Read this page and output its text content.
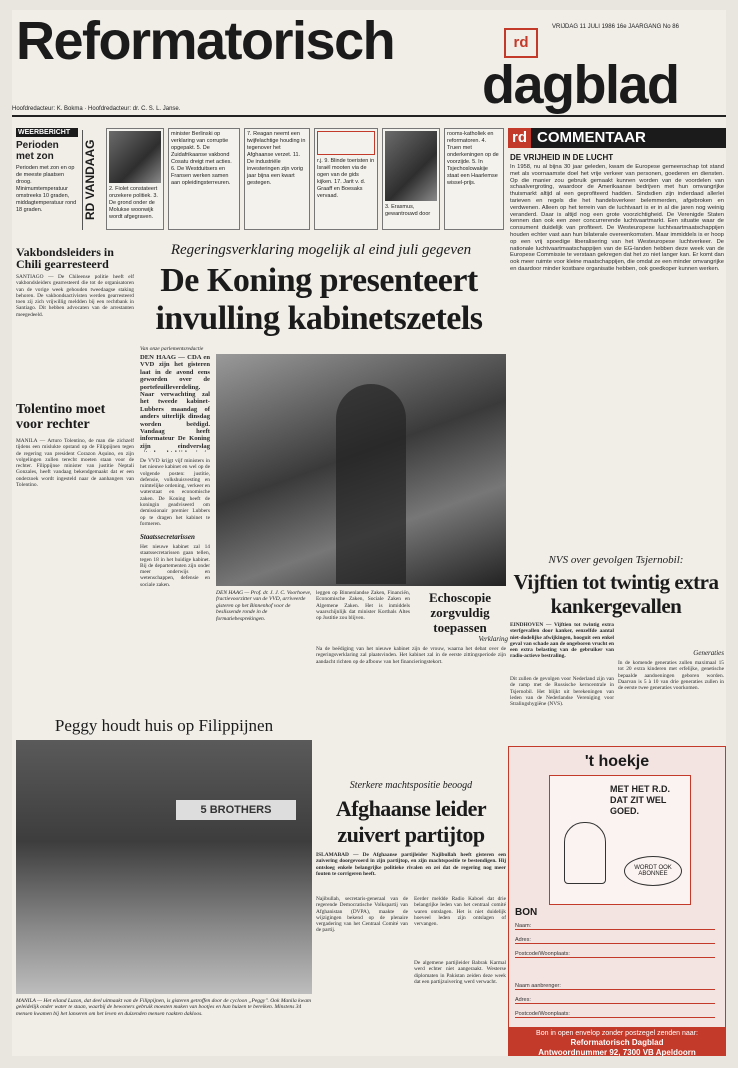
Reformatorisch	rd
VRIJDAG 11 JULI 1986 16e JAARGANG No 86
dagblad
Hoofdredacteur: K. Bokma · Hoofdredacteur: dr. C. S. L. Janse.
WEERBERICHT
Perioden met zon
Perioden met zon en op de meeste plaatsen droog. Minimumtemperatuur omstreeks 10 graden, middagtemperatuur rond 18 graden.	RD VANDAAG	2. Fiolet constateert onzekere politiek. 3. De grond onder de Molukse woonwijk wordt afgegraven.
minister Berlinski op verklaring van corruptie opgepakt. 5. De Zuidafrikaanse vakbond Cosatu dreigt met acties. 6. De Westduitsers en Fransen werken samen aan opleidingsterreuren.
7. Reagan neemt een twijfelachtige houding in tegenover het Afghaanse verzet. 11. De industriële investeringen zijn vorig jaar bijna een kwart gestegen.
r.j. 9. Blinde toeristen in Israël mooten via de ogen van de gids kijken. 17. Jarit v. d. Graaff en Boesaks vervaad.
3. Erasmus, gewantrouwd door
rooms-katholiek en reformatoren. 4. Truen met onderkeningen op de voorzijde. 5. In Tsjechoslowakije staat een Haarlemse wissel-prijs.
Vakbondsleiders in Chili gearresteerd
SANTIAGO — De Chileense politie heeft elf vakbondsleiders gearresteerd die tot de organisatoren van de vorige week gehouden tweedaagse staking behoren. De vakbondsactivisten werden gearresteerd toen zij zich vrijwillig meldden bij een rechtbank in Santiago. Dit hebben advocaten van de arrestanten meegedeeld.
Tolentino moet voor rechter
MANILA — Arturo Tolentino, de man die zichzelf tijdens een mislukte opstand op de Filippijnen tegen de regering van president Corazon Aquino, en zijn volgelingen zullen terecht moeten staan voor de rechter. Filippijnse minister van justitie Neptali Gonzales, heeft vandaag bekendgemaakt dat er een onderzoek wordt ingesteld naar de aanhangers van Tolentino.
Regeringsverklaring mogelijk al eind juli gegeven
De Koning presenteert invulling kabinetszetels
Van onze parlementsredactie
DEN HAAG — CDA en VVD zijn het gisteren laat in de avond eens geworden over de portefeuilleverdeling. Naar verwachting zal het tweede kabinet-Lubbers maandag of anders uiterlijk dinsdag worden beëdigd. Vandaag heeft informateur De Koning zijn eindverslag
De VVD krijgt vijf ministers in het nieuwe kabinet en wel op de volgende posten: justitie, defensie, volkshuisvesting en ruimtelijke ordening, verkeer en waterstaat en economische zaken. De Koning heeft de koningin geadviseerd om demissionair premier Lubbers op te dragen het kabinet te formeren.
Staatssecretarissen
Het nieuwe kabinet zal 14 staatssecretarissen gaan tellen, tegen 18 in het huidige kabinet. Bij de departementen zijn onder meer onderwijs en wetenschappen, defensie en sociale zaken.
DEN HAAG — Prof. dr. J. J. C. Voorhoeve, fractievoorzitter van de VVD, arriveerde gisteren op het Binnenhof voor de beslissende ronde in de formatiebesprekingen.
leggen op Binnenlandse Zaken, Financiën, Economische Zaken, Sociale Zaken en Algemene Zaken. Het is inmiddels waarschijnlijk dat minister Korthals Altes op Justitie zou blijven.
Verklaring
Na de beëdiging van het nieuwe kabinet zijn de vrouw, waarna het debat over de regeringsverklaring zal plaatsvinden. Het kabinet zal in de eerste zittingsperiode zijn aandacht richten op de afbouw van het financieringstekort.
Echoscopie zorgvuldig toepassen
Peggy houdt huis op Filippijnen
5 BROTHERS
MANILA — Het eiland Luzon, dat deel uitmaakt van de Filippijnen, is gisteren getroffen door de cycloon „Peggy". Ook Manila kwam geleidelijk onder water te staan, waarbij de bewoners gebruik moesten maken van bootjes en hun huizen te bereiken. Minstens 34 mensen kwamen bij het lanseren om het leven en duizenden mensen raakten dakloos.
Sterkere machtspositie beoogd
Afghaanse leider zuivert partijtop
ISLAMABAD — De Afghaanse partijleider Najibullah heeft gisteren een zuivering doorgevoerd in zijn partijtop, en zijn machtspositie te bestendigen. Hij ontsloeg enkele belangrijke politieke rivalen en zei dat de regering nog meer fouten te corrigeren heeft.
Najibullah, secretaris-generaal van de regerende Democratische Volkspartij van Afghanistan (DVPA), maakte de wijzigingen bekend op de plenaire vergadering van het Centraal Comité van de partij.
Eerder meldde Radio Kaboel dat drie belangrijke leden van het centraal comité waren ontslagen. Het is niet duidelijk hoeveel leden zijn ontslagen of vervangen.
De algemene partijleider Babrak Karmal werd echter niet aangeraakt. Westerse diplomaten in Pakistan zeiden deze week dat een partijzuivering werd verwacht.
rd COMMENTAAR
DE VRIJHEID IN DE LUCHT
In 1958, nu al bijna 30 jaar geleden, kwam de Europese gemeenschap tot stand met als voornaamste doel het vrije verkeer van personen, goederen en diensten. Op die manier zou gebruik gemaakt kunnen worden van de voordelen van schaalvergroting, waardoor de Amerikaanse bedrijven met hun omvangrijke thuismarkt altijd al een geprofiteerd hadden. Sindsdien zijn inderdaad allerlei tarieven en regels die het handelsverkeer belemmerden, afgebroken en verdwenen. Alleen op het terrein van de luchtvaart is er in al die jaren nog weinig veranderd. Daar is altijd nog een grote voorzichtigheid. De Verenigde Staten kennen dan ook een zeer concurrerende luchtvaartmarkt. Een situatie waar de consument duidelijk van profiteert. De Westeuropese luchtvaartmaatschappijen houden echter vast aan hun bilaterale overeenkomsten. Maar immiddels is er hoop op een vrij spoedige liberalisering van het Westeuropese luchtverkeer. De nationale luchtvaartmaatschappijen van de EG-landen hebben deze week van de Europese Commissie te verstaan gekregen dat het zo niet langer kan. Er komt dan ook meer ruimte voor kleine maatschappijen, die omdat ze een minder omvangrijke en daardoor minder kostbare organisatie hebben, ook goedkoper kunnen werken.
NVS over gevolgen Tsjernobil:
Vijftien tot twintig extra kankergevallen
EINDHOVEN — Vijftien tot twintig extra sterfgevallen door kanker, eenzelfde aantal niet-dodelijke afwijkingen, hooguit een enkel geval van schade aan de ongeboren vrucht en een extra belasting van de gebruiker van radio-actieve bestraling.
Dit zullen de gevolgen voor Nederland zijn van de ramp met de Russische kerncentrale in Tsjernobil. Het blijkt uit berekeningen van leden van de Nederlandse Vereniging voor Stralingshygiëne (NVS).
Generaties
In de komende generaties zullen maximaal 15 tot 20 extra kinderen met erfelijke, genetische bepaalde aandoeningen geboren worden. Daarvan is 5 à 10 van drie generaties zullen in de eerste twee generaties voorkomen.
't hoekje
MET HET R.D. DAT ZIT WEL GOED.
WORDT OOK ABONNEE
BON
Naam:
Adres:
Postcode/Woonplaats:
Naam aanbrenger:
Adres:
Postcode/Woonplaats:
Bon in open envelop zonder postzegel zenden naar:
Reformatorisch Dagblad
Antwoordnummer 92, 7300 VB Apeldoorn
